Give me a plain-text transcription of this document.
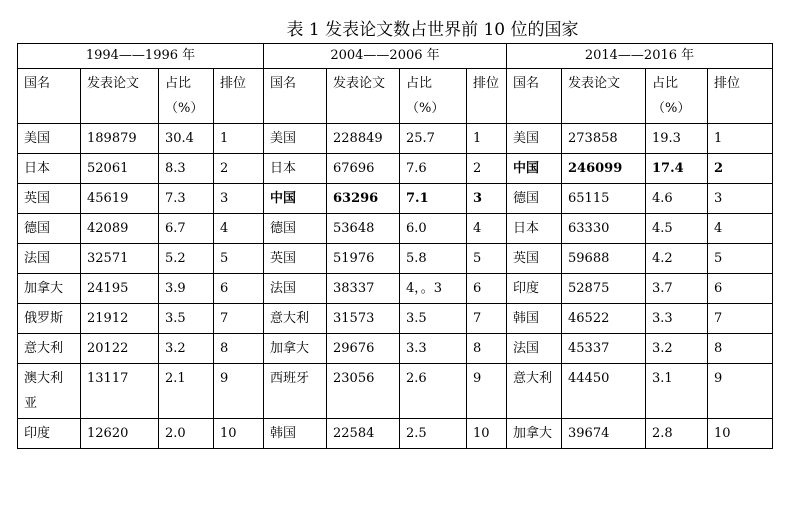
表 1 发表论文数占世界前 10 位的国家
1994——1996 年				2004——2006 年				2014——2016 年			
国名	发表论文	占比（%）	排位	国名	发表论文	占比（%）	排位	国名	发表论文	占比（%）	排位
美国	189879	30.4	1	美国	228849	25.7	1	美国	273858	19.3	1
日本	52061	8.3	2	日本	67696	7.6	2	中国	246099	17.4	2
英国	45619	7.3	3	中国	63296	7.1	3	德国	65115	4.6	3
德国	42089	6.7	4	德国	53648	6.0	4	日本	63330	4.5	4
法国	32571	5.2	5	英国	51976	5.8	5	英国	59688	4.2	5
加拿大	24195	3.9	6	法国	38337	4，。3	6	印度	52875	3.7	6
俄罗斯	21912	3.5	7	意大利	31573	3.5	7	韩国	46522	3.3	7
意大利	20122	3.2	8	加拿大	29676	3.3	8	法国	45337	3.2	8
澳大利亚	13117	2.1	9	西班牙	23056	2.6	9	意大利	44450	3.1	9
印度	12620	2.0	10	韩国	22584	2.5	10	加拿大	39674	2.8	10
